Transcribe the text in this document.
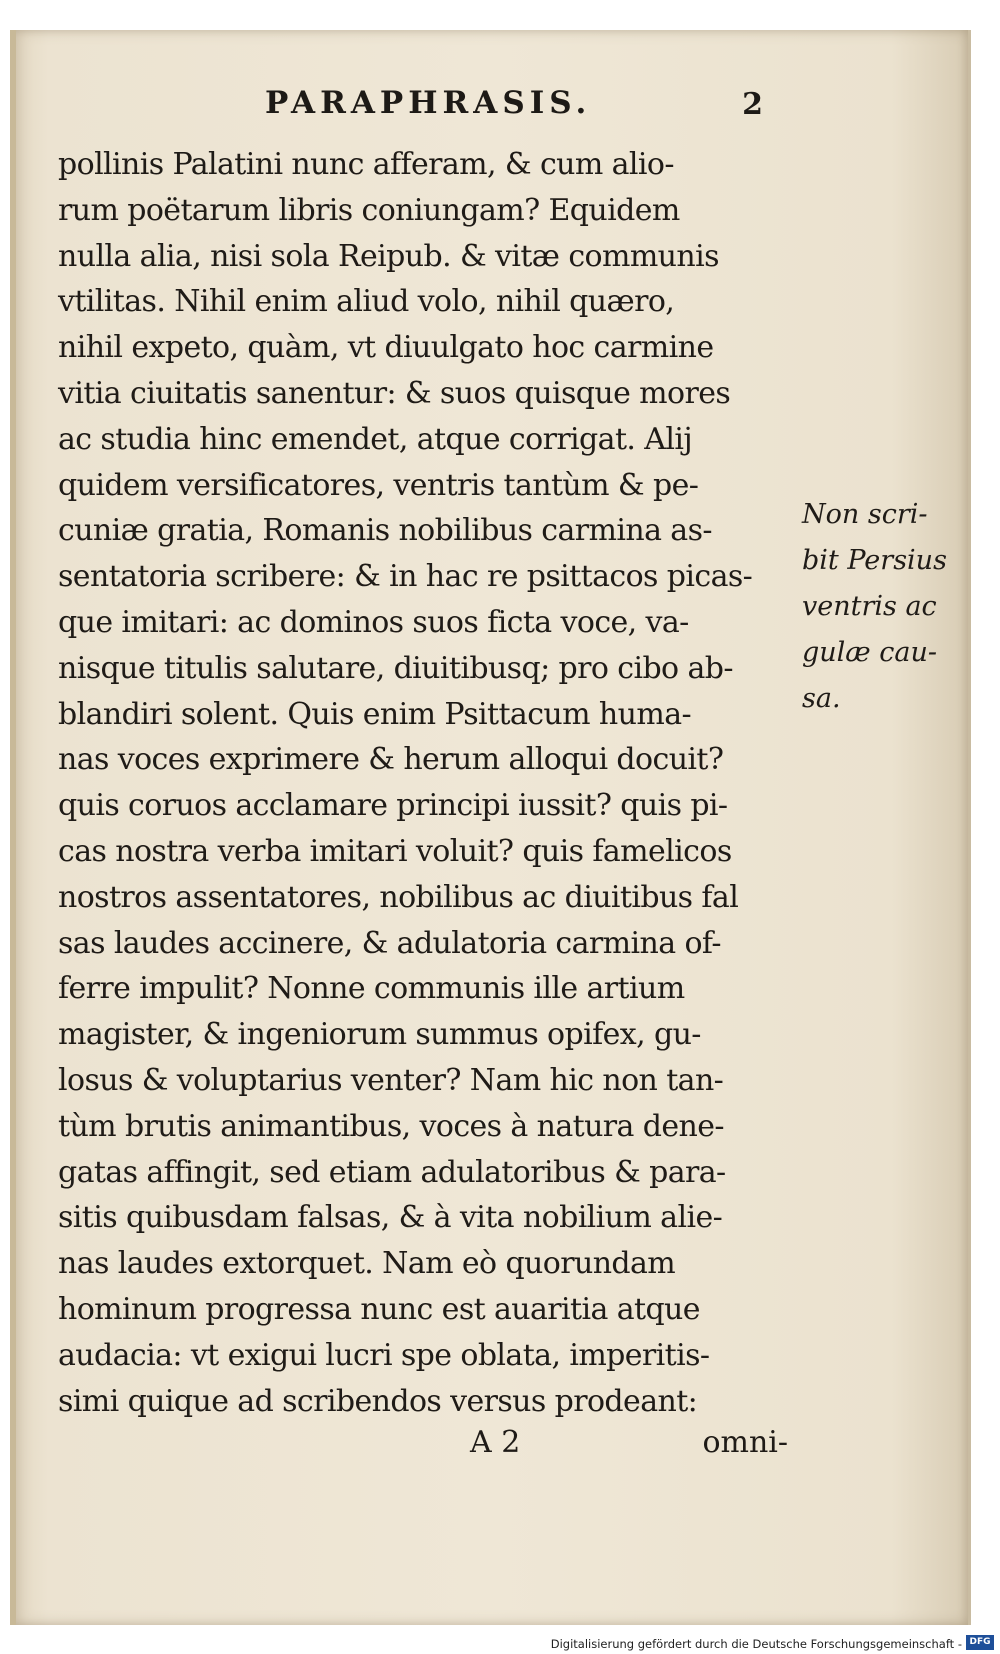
PARAPHRASIS.	2
pollinis Palatini nunc afferam, & cum alio-
rum poëtarum libris coniungam? Equidem
nulla alia, nisi sola Reipub. & vitæ communis
vtilitas. Nihil enim aliud volo, nihil quæro,
nihil expeto, quàm, vt diuulgato hoc carmine
vitia ciuitatis sanentur: & suos quisque mores
ac studia hinc emendet, atque corrigat. Alij
quidem versificatores, ventris tantùm & pe-
cuniæ gratia, Romanis nobilibus carmina as-
sentatoria scribere: & in hac re psittacos picas-
que imitari: ac dominos suos ficta voce, va-
nisque titulis salutare, diuitibusq; pro cibo ab-
blandiri solent. Quis enim Psittacum huma-
nas voces exprimere & herum alloqui docuit?
quis coruos acclamare principi iussit? quis pi-
cas nostra verba imitari voluit? quis famelicos
nostros assentatores, nobilibus ac diuitibus fal
sas laudes accinere, & adulatoria carmina of-
ferre impulit? Nonne communis ille artium
magister, & ingeniorum summus opifex, gu-
losus & voluptarius venter? Nam hic non tan-
tùm brutis animantibus, voces à natura dene-
gatas affingit, sed etiam adulatoribus & para-
sitis quibusdam falsas, & à vita nobilium alie-
nas laudes extorquet. Nam eò quorundam
hominum progressa nunc est auaritia atque
audacia: vt exigui lucri spe oblata, imperitis-
simi quique ad scribendos versus prodeant:
Non scri-
bit Persius
ventris ac
gulæ cau-
sa.
A 2	omni-
Digitalisierung gefördert durch die Deutsche Forschungsgemeinschaft - DFG
